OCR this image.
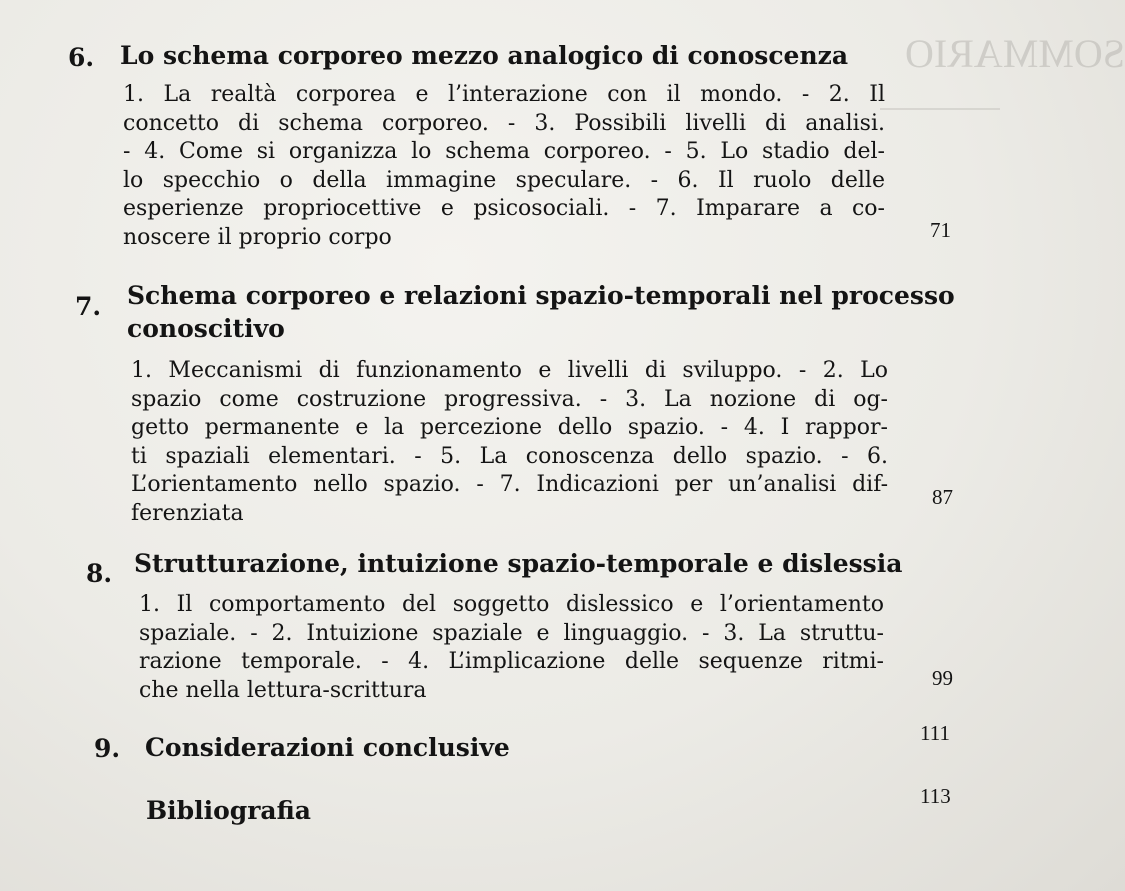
SOMMARIO
6. Lo schema corporeo mezzo analogico di conoscenza
1. La realtà corporea e l’interazione con il mondo. - 2. Il
concetto di schema corporeo. - 3. Possibili livelli di analisi.
- 4. Come si organizza lo schema corporeo. - 5. Lo stadio del-
lo specchio o della immagine speculare. - 6. Il ruolo delle
esperienze propriocettive e psicosociali. - 7. Imparare a co-
noscere il proprio corpo	71
7. Schema corporeo e relazioni spazio-temporali nel processo
conoscitivo
1. Meccanismi di funzionamento e livelli di sviluppo. - 2. Lo
spazio come costruzione progressiva. - 3. La nozione di og-
getto permanente e la percezione dello spazio. - 4. I rappor-
ti spaziali elementari. - 5. La conoscenza dello spazio. - 6.
L’orientamento nello spazio. - 7. Indicazioni per un’analisi dif-
ferenziata
87
8. Strutturazione, intuizione spazio-temporale e dislessia
1. Il comportamento del soggetto dislessico e l’orientamento
spaziale. - 2. Intuizione spaziale e linguaggio. - 3. La struttu-
razione temporale. - 4. L’implicazione delle sequenze ritmi-
che nella lettura-scrittura	99
9. Considerazioni conclusive	111
Bibliografia	113
